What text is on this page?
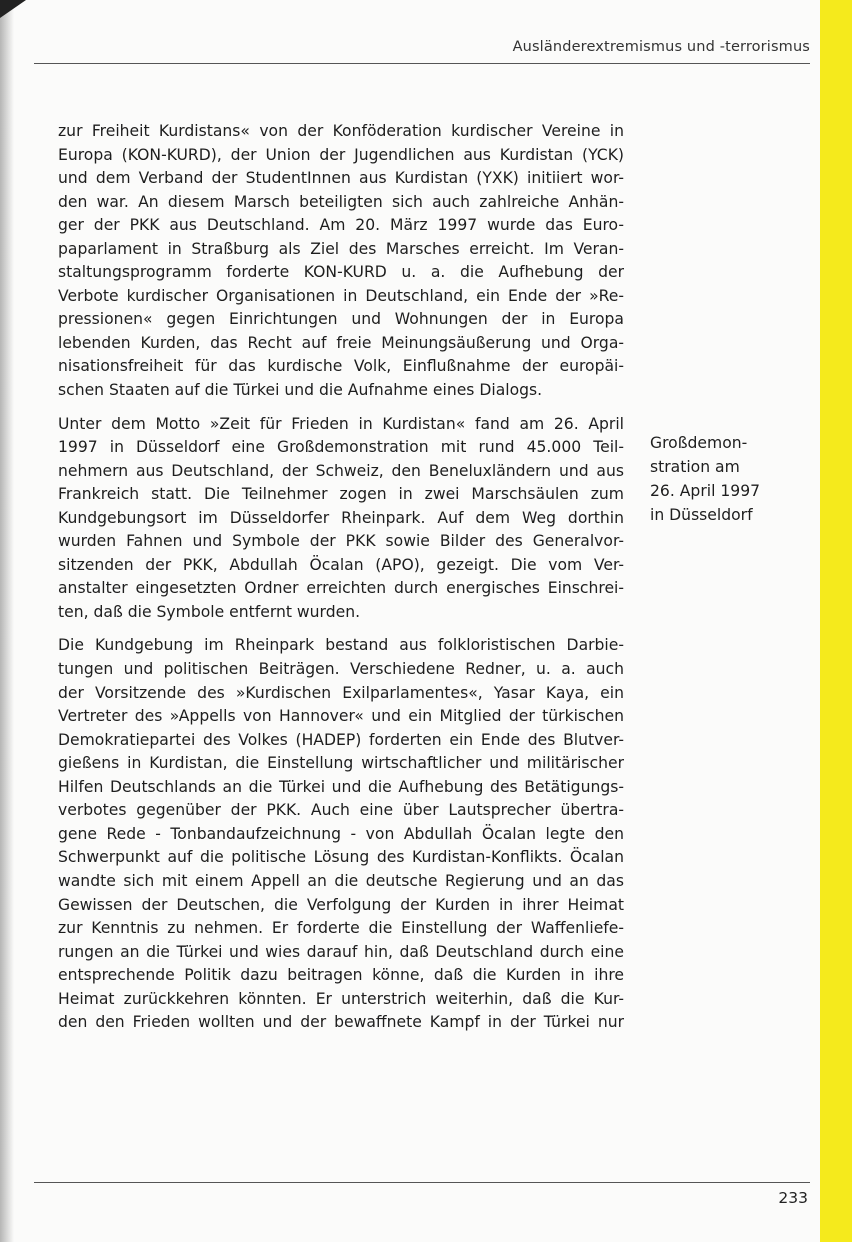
Ausländerextremismus und -terrorismus
zur Freiheit Kurdistans« von der Konföderation kurdischer Vereine in
Europa (KON-KURD), der Union der Jugendlichen aus Kurdistan (YCK)
und dem Verband der StudentInnen aus Kurdistan (YXK) initiiert wor-
den war. An diesem Marsch beteiligten sich auch zahlreiche Anhän-
ger der PKK aus Deutschland. Am 20. März 1997 wurde das Euro-
paparlament in Straßburg als Ziel des Marsches erreicht. Im Veran-
staltungsprogramm forderte KON-KURD u. a. die Aufhebung der
Verbote kurdischer Organisationen in Deutschland, ein Ende der »Re-
pressionen« gegen Einrichtungen und Wohnungen der in Europa
lebenden Kurden, das Recht auf freie Meinungsäußerung und Orga-
nisationsfreiheit für das kurdische Volk, Einflußnahme der europäi-
schen Staaten auf die Türkei und die Aufnahme eines Dialogs.
Unter dem Motto »Zeit für Frieden in Kurdistan« fand am 26. April
1997 in Düsseldorf eine Großdemonstration mit rund 45.000 Teil-
nehmern aus Deutschland, der Schweiz, den Beneluxländern und aus
Frankreich statt. Die Teilnehmer zogen in zwei Marschsäulen zum
Kundgebungsort im Düsseldorfer Rheinpark. Auf dem Weg dorthin
wurden Fahnen und Symbole der PKK sowie Bilder des Generalvor-
sitzenden der PKK, Abdullah Öcalan (APO), gezeigt. Die vom Ver-
anstalter eingesetzten Ordner erreichten durch energisches Einschrei-
ten, daß die Symbole entfernt wurden.
Die Kundgebung im Rheinpark bestand aus folkloristischen Darbie-
tungen und politischen Beiträgen. Verschiedene Redner, u. a. auch
der Vorsitzende des »Kurdischen Exilparlamentes«, Yasar Kaya, ein
Vertreter des »Appells von Hannover« und ein Mitglied der türkischen
Demokratiepartei des Volkes (HADEP) forderten ein Ende des Blutver-
gießens in Kurdistan, die Einstellung wirtschaftlicher und militärischer
Hilfen Deutschlands an die Türkei und die Aufhebung des Betätigungs-
verbotes gegenüber der PKK. Auch eine über Lautsprecher übertra-
gene Rede - Tonbandaufzeichnung - von Abdullah Öcalan legte den
Schwerpunkt auf die politische Lösung des Kurdistan-Konflikts. Öcalan
wandte sich mit einem Appell an die deutsche Regierung und an das
Gewissen der Deutschen, die Verfolgung der Kurden in ihrer Heimat
zur Kenntnis zu nehmen. Er forderte die Einstellung der Waffenliefe-
rungen an die Türkei und wies darauf hin, daß Deutschland durch eine
entsprechende Politik dazu beitragen könne, daß die Kurden in ihre
Heimat zurückkehren könnten. Er unterstrich weiterhin, daß die Kur-
den den Frieden wollten und der bewaffnete Kampf in der Türkei nur
Großdemon-
stration am
26. April 1997
in Düsseldorf
233
